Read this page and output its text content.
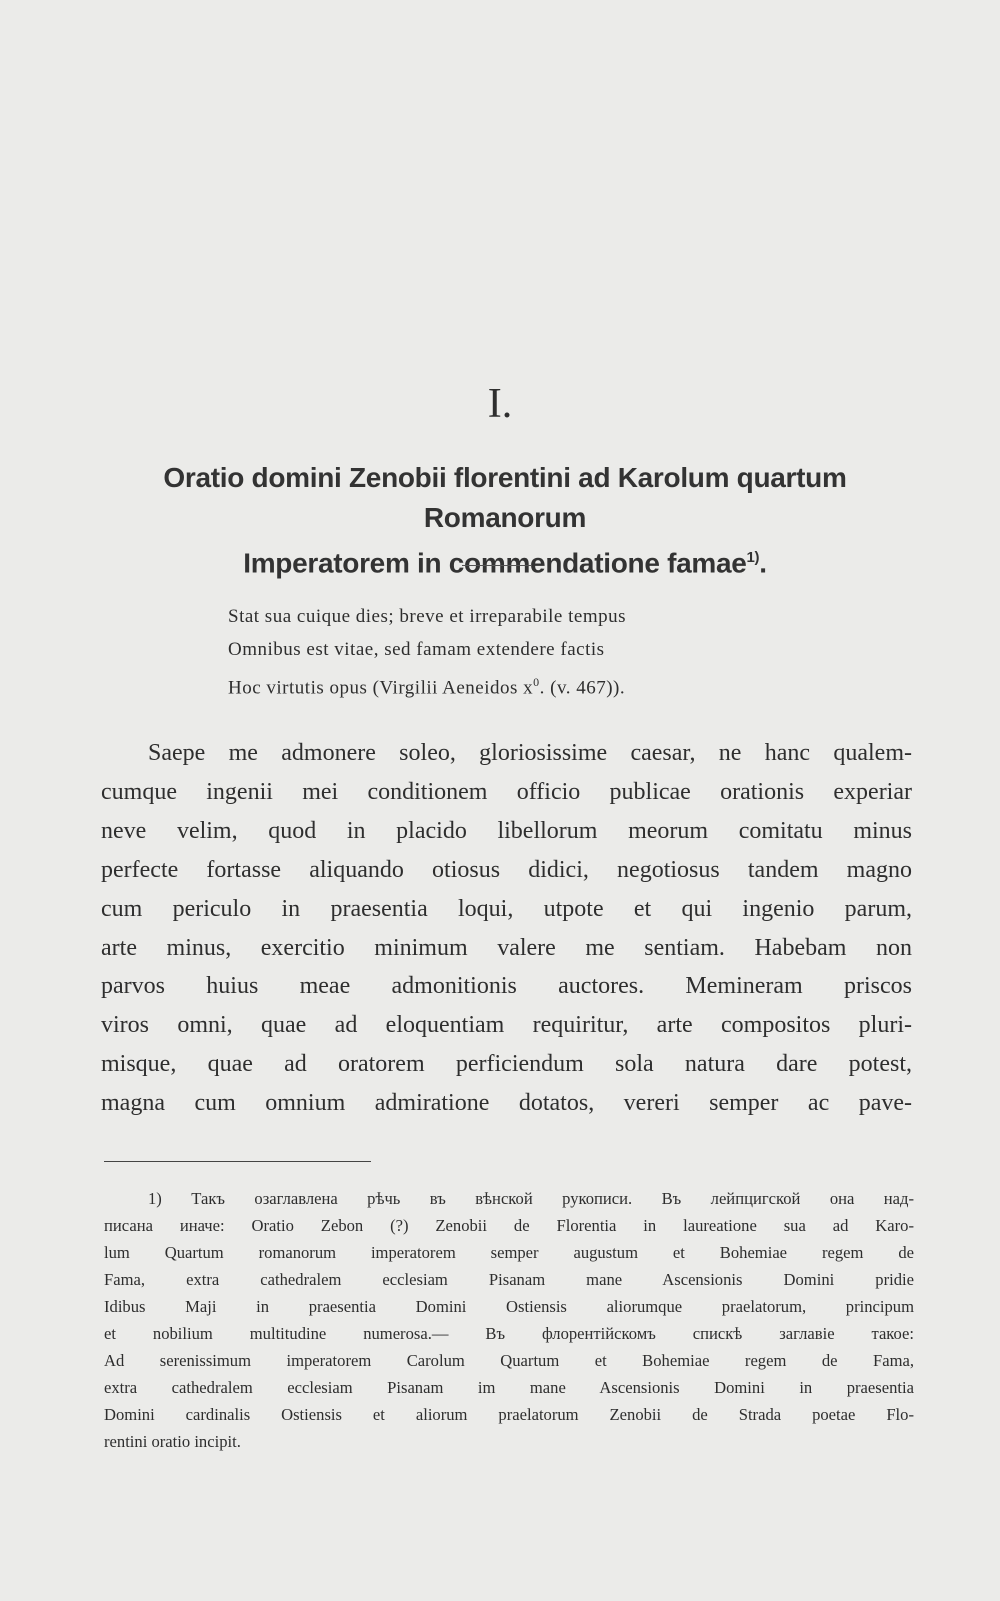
I.
Oratio domini Zenobii florentini ad Karolum quartum Romanorum
Imperatorem in commendatione famae$^{1)}$.
Stat sua cuique dies; breve et irreparabile tempus
Omnibus est vitae, sed famam extendere factis
Hoc virtutis opus (Virgilii Aeneidos $x^0$. (v. 467)).
Saepe me admonere soleo, gloriosissime caesar, ne hanc qualem-
cumque ingenii mei conditionem officio publicae orationis experiar
neve velim, quod in placido libellorum meorum comitatu minus
perfecte fortasse aliquando otiosus didici, negotiosus tandem magno
cum periculo in praesentia loqui, utpote et qui ingenio parum,
arte minus, exercitio minimum valere me sentiam. Habebam non
parvos huius meae admonitionis auctores. Memineram priscos
viros omni, quae ad eloquentiam requiritur, arte compositos pluri-
misque, quae ad oratorem perficiendum sola natura dare potest,
magna cum omnium admiratione dotatos, vereri semper ac pave-
1) Такъ озаглавлена рѣчь въ вѣнской рукописи. Въ лейпцигской она над-
писана иначе: Oratio Zebon (?) Zenobii de Florentia in laureatione sua ad Karo-
lum Quartum romanorum imperatorem semper augustum et Bohemiae regem de
Fama, extra cathedralem ecclesiam Pisanam mane Ascensionis Domini pridie
Idibus Maji in praesentia Domini Ostiensis aliorumque praelatorum, principum
et nobilium multitudine numerosa.— Въ флорентійскомъ спискѣ заглавіе такое:
Ad serenissimum imperatorem Carolum Quartum et Bohemiae regem de Fama,
extra cathedralem ecclesiam Pisanam im mane Ascensionis Domini in praesentia
Domini cardinalis Ostiensis et aliorum praelatorum Zenobii de Strada poetae Flo-
rentini oratio incipit.
